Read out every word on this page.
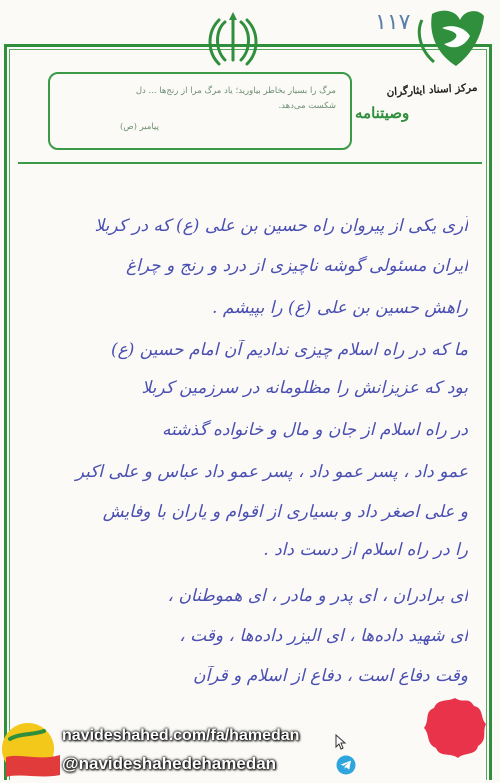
۱۱۷
مرکز اسناد ایثارگران
مرگ را بسیار بخاطر بیاورید؛ یاد مرگ مرا از رنج‌ها ... دل شکست می‌دهد.
پیامبر (ص)
وصیتنامه
آری یکی از پیروان راه حسین بن علی (ع) که در کربلا
ایران مسئولی گوشه ناچیزی از درد و رنج و چراغ
راهش حسین بن علی (ع) را بپیشم .
ما که در راه اسلام چیزی ندادیم آن امام حسین (ع)
بود که عزیزانش را مظلومانه در سرزمین کربلا
در راه اسلام از جان و مال و خانواده گذشته
عمو داد ، پسر عمو داد ، پسر عمو داد عباس و علی اکبر
و علی اصغر داد و بسیاری از اقوام و یاران با وفایش
را در راه اسلام از دست داد .
ای برادران ، ای پدر و مادر ، ای هموطنان ،
ای شهید داده‌ها ، ای الیزر داده‌ها ، وقت ،
وقت دفاع است ، دفاع از اسلام و قرآن
navideshahed.com/fa/hamedan
@navideshahedehamedan
